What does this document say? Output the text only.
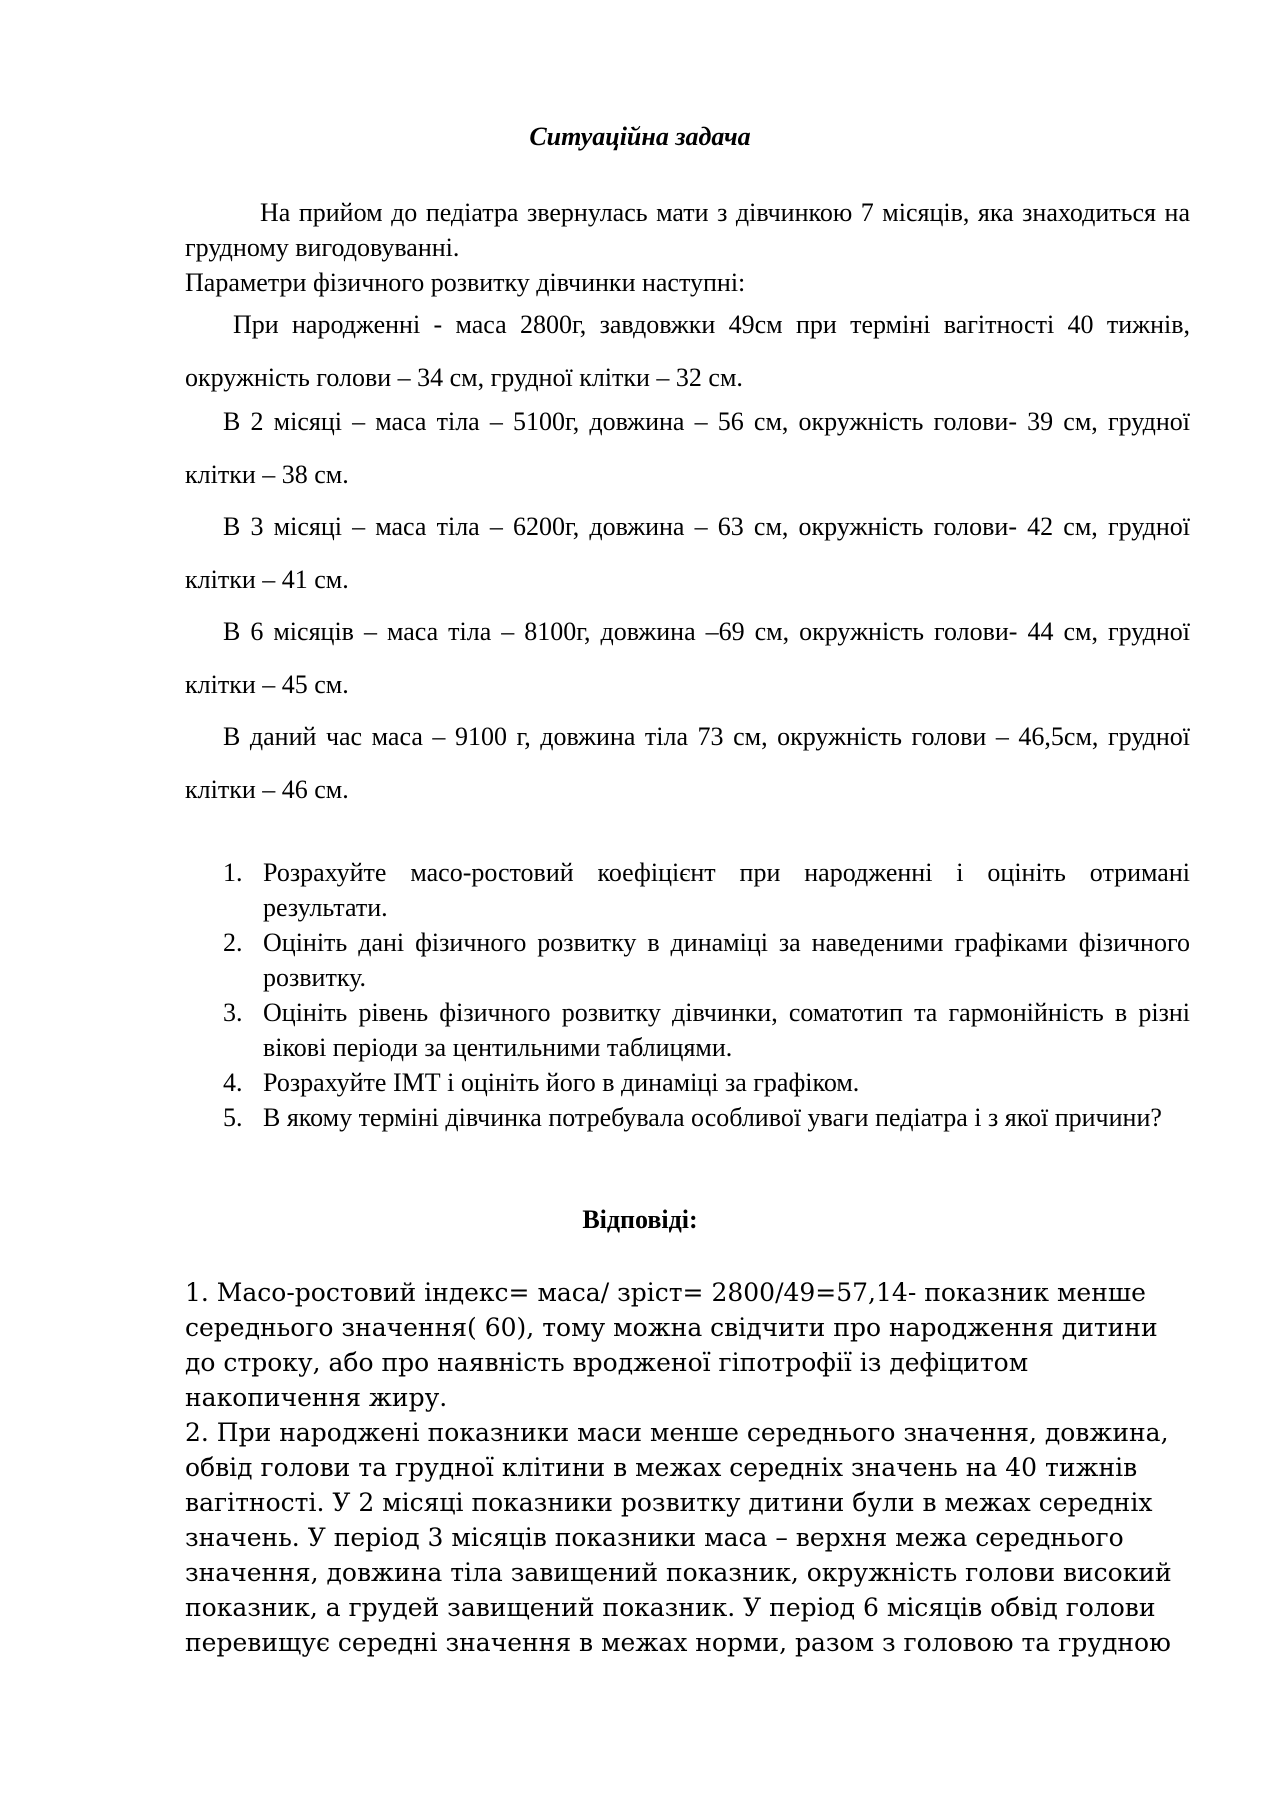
Ситуаційна задача
На прийом до педіатра звернулась мати з дівчинкою 7 місяців, яка знаходиться на грудному вигодовуванні.
Параметри фізичного розвитку дівчинки наступні:
При народженні - маса 2800г, завдовжки 49см при терміні вагітності 40 тижнів, окружність голови – 34 см, грудної клітки – 32 см.
В 2 місяці – маса тіла – 5100г, довжина – 56 см, окружність голови- 39 см, грудної клітки – 38 см.
В 3 місяці – маса тіла – 6200г, довжина – 63 см, окружність голови- 42 см, грудної клітки – 41 см.
В 6 місяців – маса тіла – 8100г, довжина –69 см, окружність голови- 44 см, грудної клітки – 45 см.
В даний час маса – 9100 г, довжина тіла 73 см, окружність голови – 46,5см, грудної клітки – 46 см.
1. Розрахуйте масо-ростовий коефіцієнт при народженні і оцініть отримані результати.
2. Оцініть дані фізичного розвитку в динаміці за наведеними графіками фізичного розвитку.
3. Оцініть рівень фізичного розвитку дівчинки, соматотип та гармонійність в різні вікові періоди за центильними таблицями.
4. Розрахуйте ІМТ і оцініть його в динаміці за графіком.
5. В якому терміні дівчинка потребувала особливої уваги педіатра і з якої причини?
Відповіді:
1. Масо-ростовий індекс= маса/ зріст= 2800/49=57,14- показник менше середнього значення( 60), тому можна свідчити про народження дитини до строку, або про наявність вродженої гіпотрофії із дефіцитом накопичення жиру.
2. При народжені показники маси менше середнього значення, довжина, обвід голови та грудної клітини в межах середніх значень на 40 тижнів вагітності. У 2 місяці показники розвитку дитини були в межах середніх значень. У період 3 місяців показники маса – верхня межа середнього значення, довжина тіла завищений показник, окружність голови високий показник, а грудей завищений показник. У період 6 місяців обвід голови перевищує середні значення в межах норми, разом з головою та грудною
